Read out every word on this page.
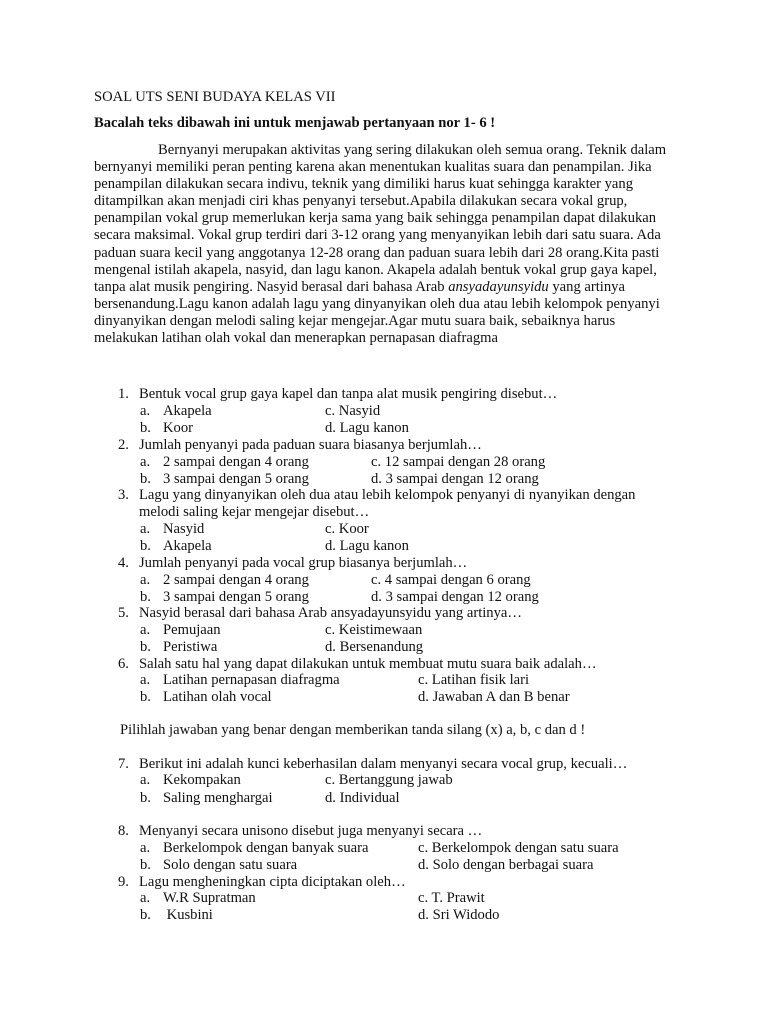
SOAL UTS SENI BUDAYA KELAS VII
Bacalah teks dibawah ini untuk menjawab pertanyaan nor 1- 6 !

Bernyanyi merupakan aktivitas yang sering dilakukan oleh semua orang. Teknik dalam bernyanyi memiliki peran penting karena akan menentukan kualitas suara dan penampilan. Jika penampilan dilakukan secara indivu, teknik yang dimiliki harus kuat sehingga karakter yang ditampilkan akan menjadi ciri khas penyanyi tersebut.Apabila dilakukan secara vokal grup, penampilan vokal grup memerlukan kerja sama yang baik sehingga penampilan dapat dilakukan secara maksimal. Vokal grup terdiri dari 3-12 orang yang menyanyikan lebih dari satu suara. Ada paduan suara kecil yang anggotanya 12-28 orang dan paduan suara lebih dari 28 orang.Kita pasti mengenal istilah akapela, nasyid, dan lagu kanon. Akapela adalah bentuk vokal grup gaya kapel, tanpa alat musik pengiring. Nasyid berasal dari bahasa Arab ansyadayunsyidu yang artinya bersenandung.Lagu kanon adalah lagu yang dinyanyikan oleh dua atau lebih kelompok penyanyi dinyanyikan dengan melodi saling kejar mengejar.Agar mutu suara baik, sebaiknya harus melakukan latihan olah vokal dan menerapkan pernapasan diafragma

1. Bentuk vocal grup gaya kapel dan tanpa alat musik pengiring disebut…
a. Akapela	c. Nasyid
b. Koor	d. Lagu kanon
2. Jumlah penyanyi pada paduan suara biasanya berjumlah…
a. 2 sampai dengan 4 orang	c. 12 sampai dengan 28 orang
b. 3 sampai dengan 5 orang	d. 3 sampai dengan 12 orang
3. Lagu yang dinyanyikan oleh dua atau lebih kelompok penyanyi di nyanyikan dengan melodi saling kejar mengejar disebut…
a. Nasyid	c. Koor
b. Akapela	d. Lagu kanon
4. Jumlah penyanyi pada vocal grup biasanya berjumlah…
a. 2 sampai dengan 4 orang	c. 4 sampai dengan 6 orang
b. 3 sampai dengan 5 orang	d. 3 sampai dengan 12 orang
5. Nasyid berasal dari bahasa Arab ansyadayunsyidu yang artinya…
a. Pemujaan	c. Keistimewaan
b. Peristiwa	d. Bersenandung
6. Salah satu hal yang dapat dilakukan untuk membuat mutu suara baik adalah…
a. Latihan pernapasan diafragma	c. Latihan fisik lari
b. Latihan olah vocal	d. Jawaban A dan B benar
Pilihlah jawaban yang benar dengan memberikan tanda silang (x) a, b, c dan d !
7. Berikut ini adalah kunci keberhasilan dalam menyanyi secara vocal grup, kecuali…
a. Kekompakan	c. Bertanggung jawab
b. Saling menghargai	d. Individual
8. Menyanyi secara unisono disebut juga menyanyi secara …
a. Berkelompok dengan banyak suara	c. Berkelompok dengan satu suara
b. Solo dengan satu suara	d. Solo dengan berbagai suara
9. Lagu mengheningkan cipta diciptakan oleh…
a. W.R Supratman	c. T. Prawit
b. Kusbini	d. Sri Widodo
